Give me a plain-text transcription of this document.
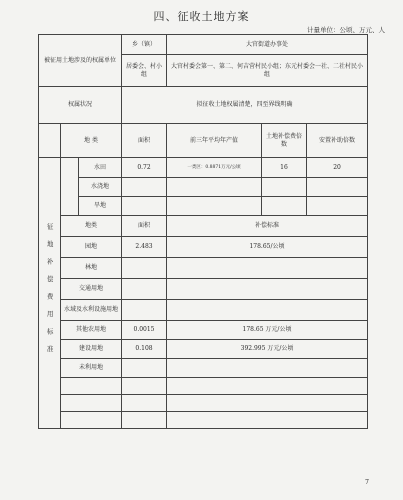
四、征收土地方案
计量单位：公顷、万元、人
被征用土地涉及的权属单位			乡（镇）	大官街道办事处		
			居委会、村小组	大官村委会第一、第二、何吉营村民小组；东元村委会一社、二社村民小组		

权属状况			拟征收土地权属清楚，四至界线明确			
	地 类		面积	前三年平均年产值	土地补偿费倍数	安置补助倍数
征地补偿费用标准		水田	0.72	一类区：0.8871万元/公顷	16	20
		水浇地				
		旱地				
	地类		面积	补偿标准		
	园地		2.483	178.65/公顷		
	林地					
	交通用地					
	水域及水利设施用地					
	其他农用地		0.0015	178.65 万元/公顷		
	建设用地		0.108	392.995 万元/公顷		
	未利用地					

7
